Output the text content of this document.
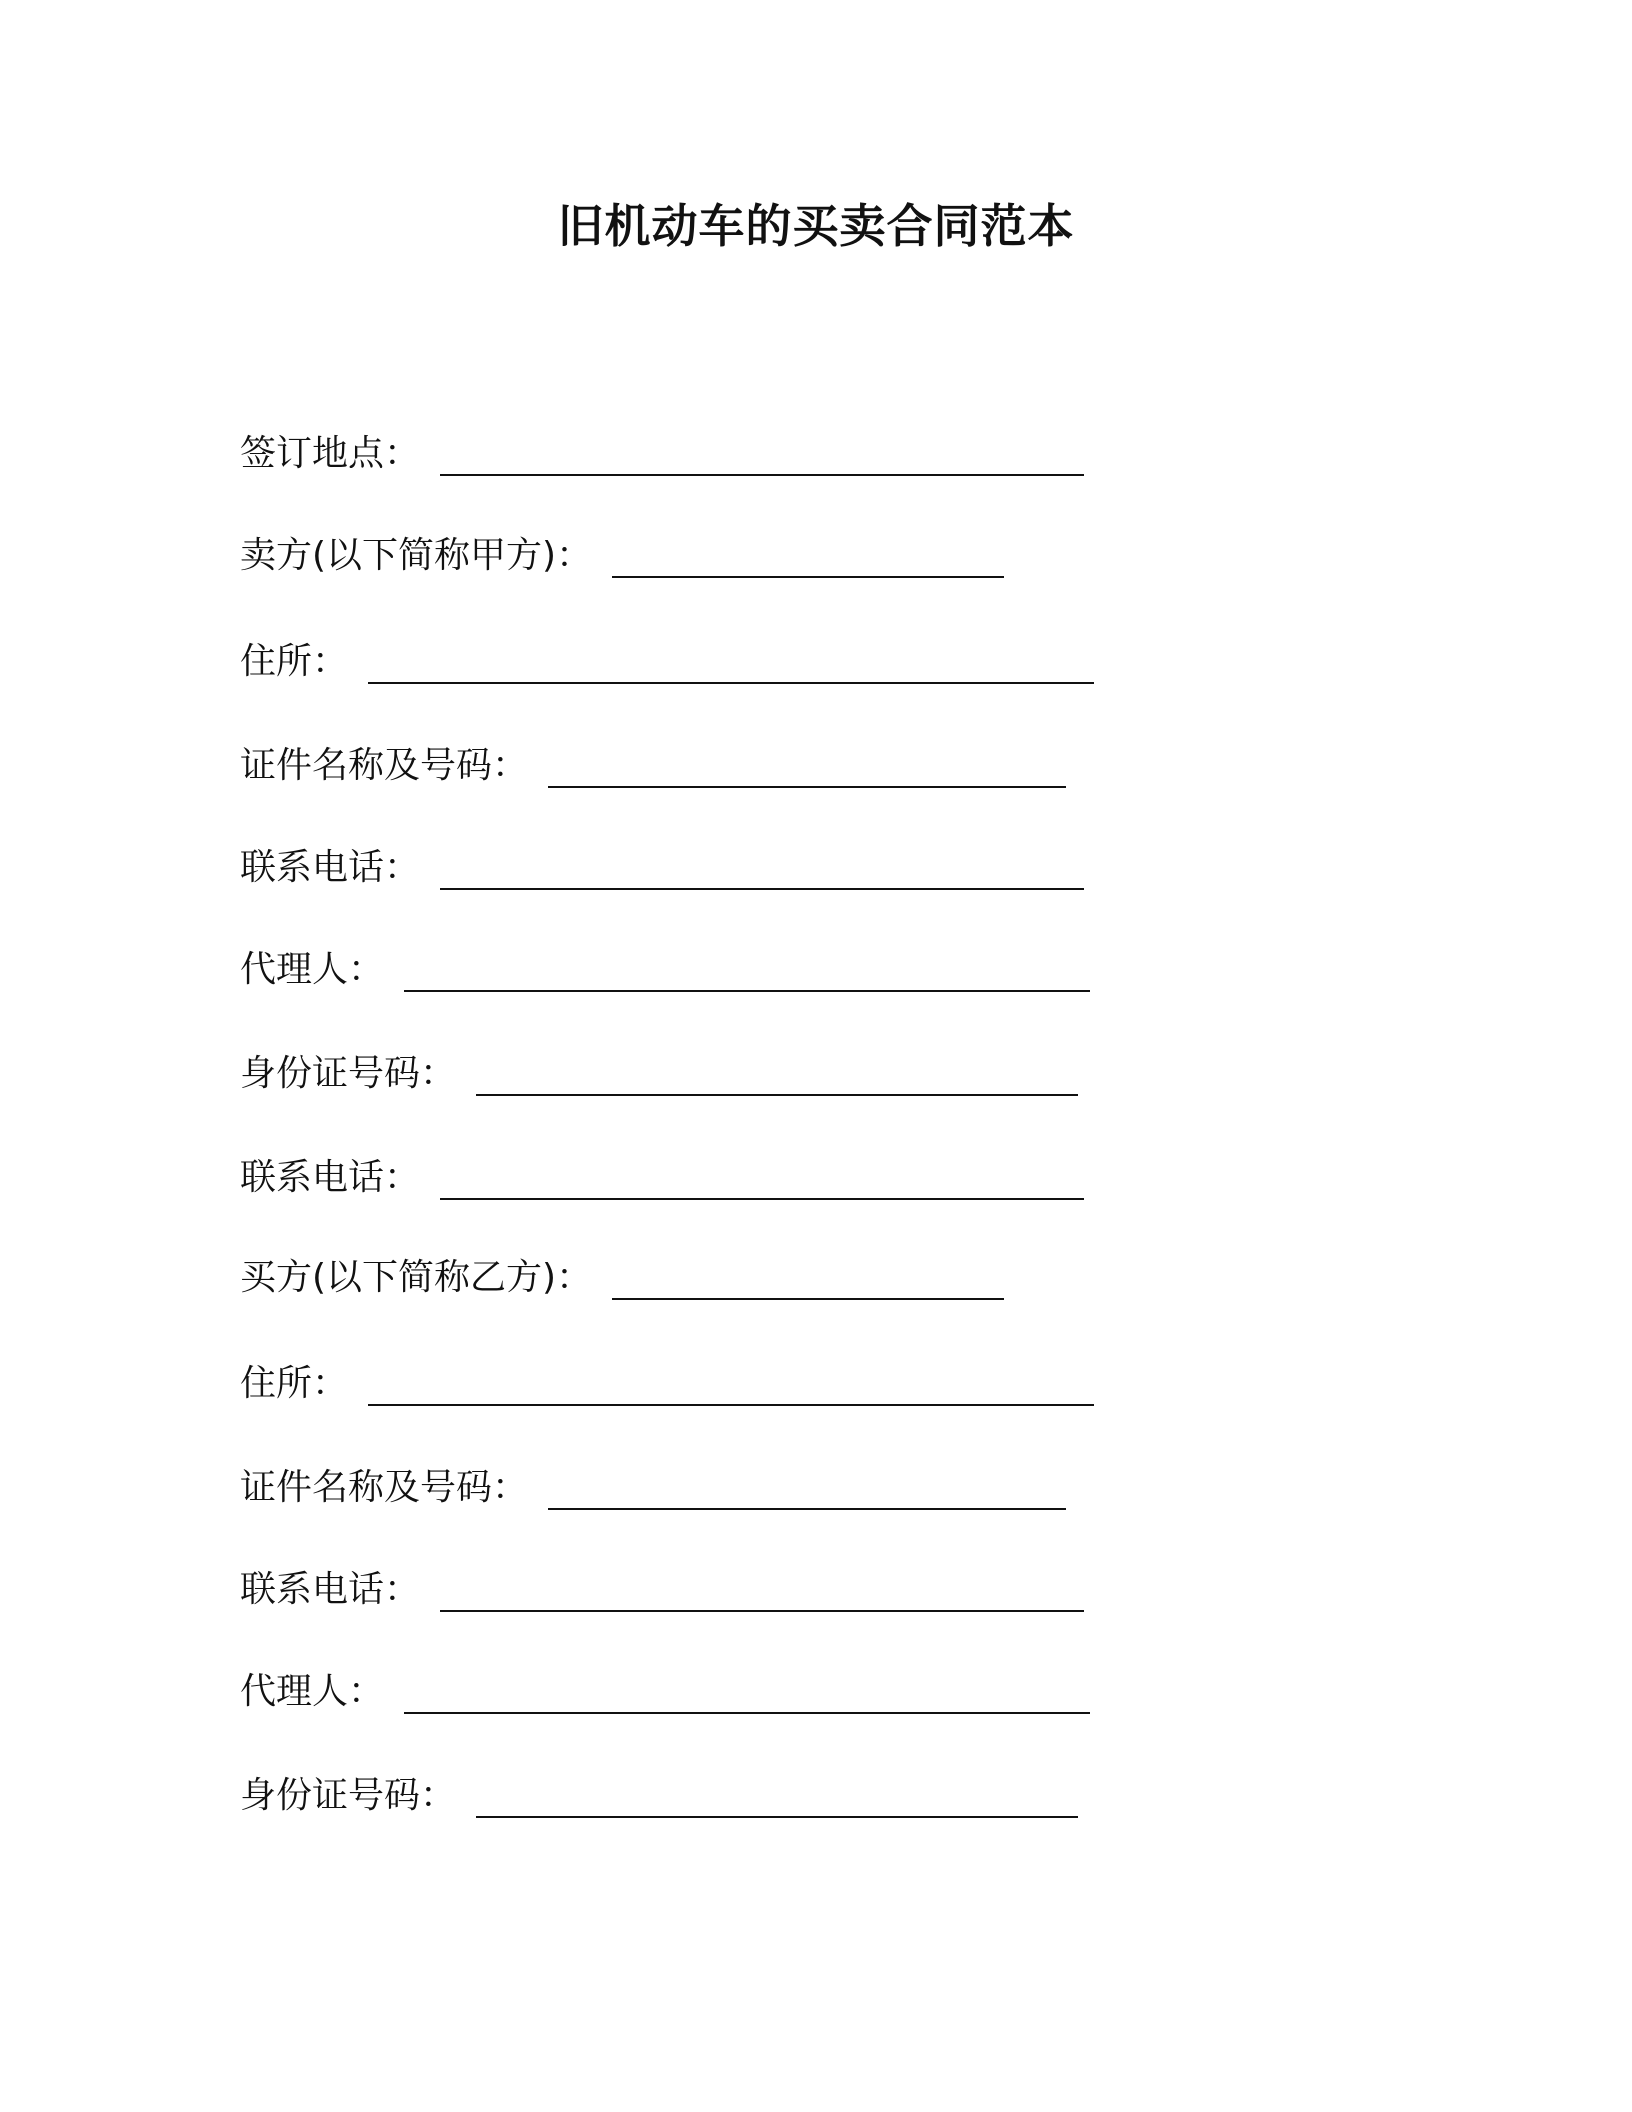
旧机动车的买卖合同范本
签订地点：
卖方(以下简称甲方)：
住所：
证件名称及号码：
联系电话：
代理人：
身份证号码：
联系电话：
买方(以下简称乙方)：
住所：
证件名称及号码：
联系电话：
代理人：
身份证号码：
